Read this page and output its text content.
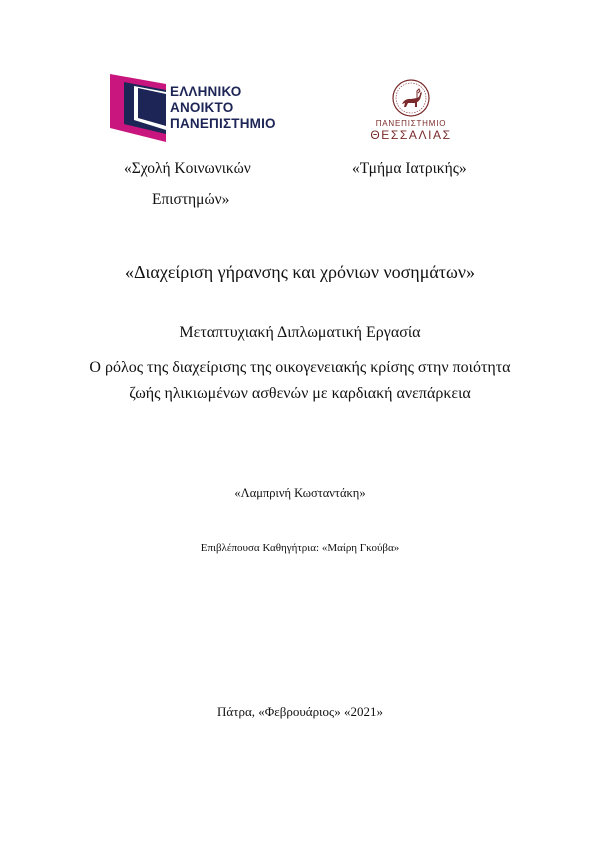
ΕΛΛΗΝΙΚΟ
ΑΝΟΙΚΤΟ
ΠΑΝΕΠΙΣΤΗΜΙΟ	ΠΑΝΕΠΙΣΤΗΜΙΟ
ΘΕΣΣΑΛΙΑΣ
«Σχολή Κοινωνικών
Επιστημών»
«Τμήμα Ιατρικής»
«Διαχείριση γήρανσης και χρόνιων νοσημάτων»
Μεταπτυχιακή Διπλωματική Εργασία
Ο ρόλος της διαχείρισης της οικογενειακής κρίσης στην ποιότητα
ζωής ηλικιωμένων ασθενών με καρδιακή ανεπάρκεια
«Λαμπρινή Κωσταντάκη»
Επιβλέπουσα Καθηγήτρια: «Μαίρη Γκούβα»
Πάτρα, «Φεβρουάριος» «2021»
